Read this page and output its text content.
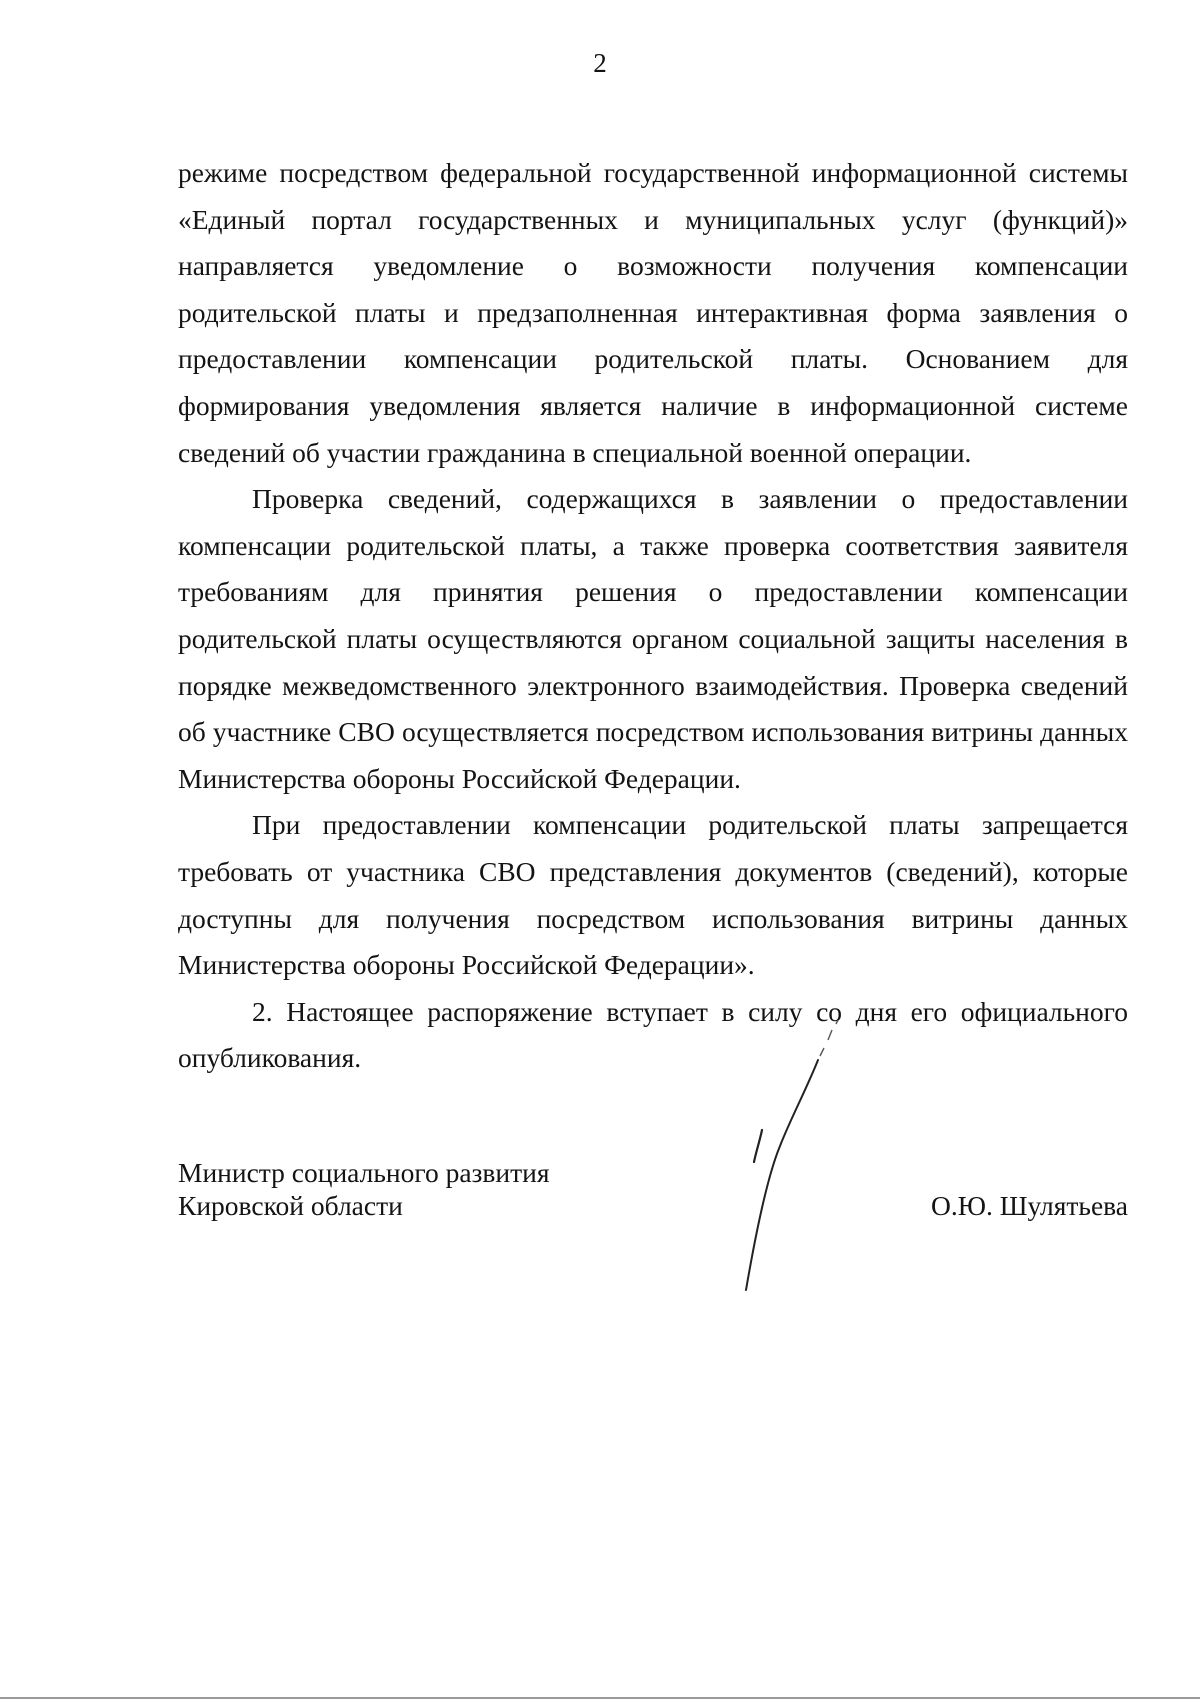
2

режиме посредством федеральной государственной информационной системы «Единый портал государственных и муниципальных услуг (функций)» направляется уведомление о возможности получения компенсации родительской платы и предзаполненная интерактивная форма заявления о предоставлении компенсации родительской платы. Основанием для формирования уведомления является наличие в информационной системе сведений об участии гражданина в специальной военной операции.

Проверка сведений, содержащихся в заявлении о предоставлении компенсации родительской платы, а также проверка соответствия заявителя требованиям для принятия решения о предоставлении компенсации родительской платы осуществляются органом социальной защиты населения в порядке межведомственного электронного взаимодействия. Проверка сведений об участнике СВО осуществляется посредством использования витрины данных Министерства обороны Российской Федерации.

При предоставлении компенсации родительской платы запрещается требовать от участника СВО представления документов (сведений), которые доступны для получения посредством использования витрины данных Министерства обороны Российской Федерации».

2. Настоящее распоряжение вступает в силу со дня его официального опубликования.

Министр социального развития
Кировской области	О.Ю. Шулятьева
